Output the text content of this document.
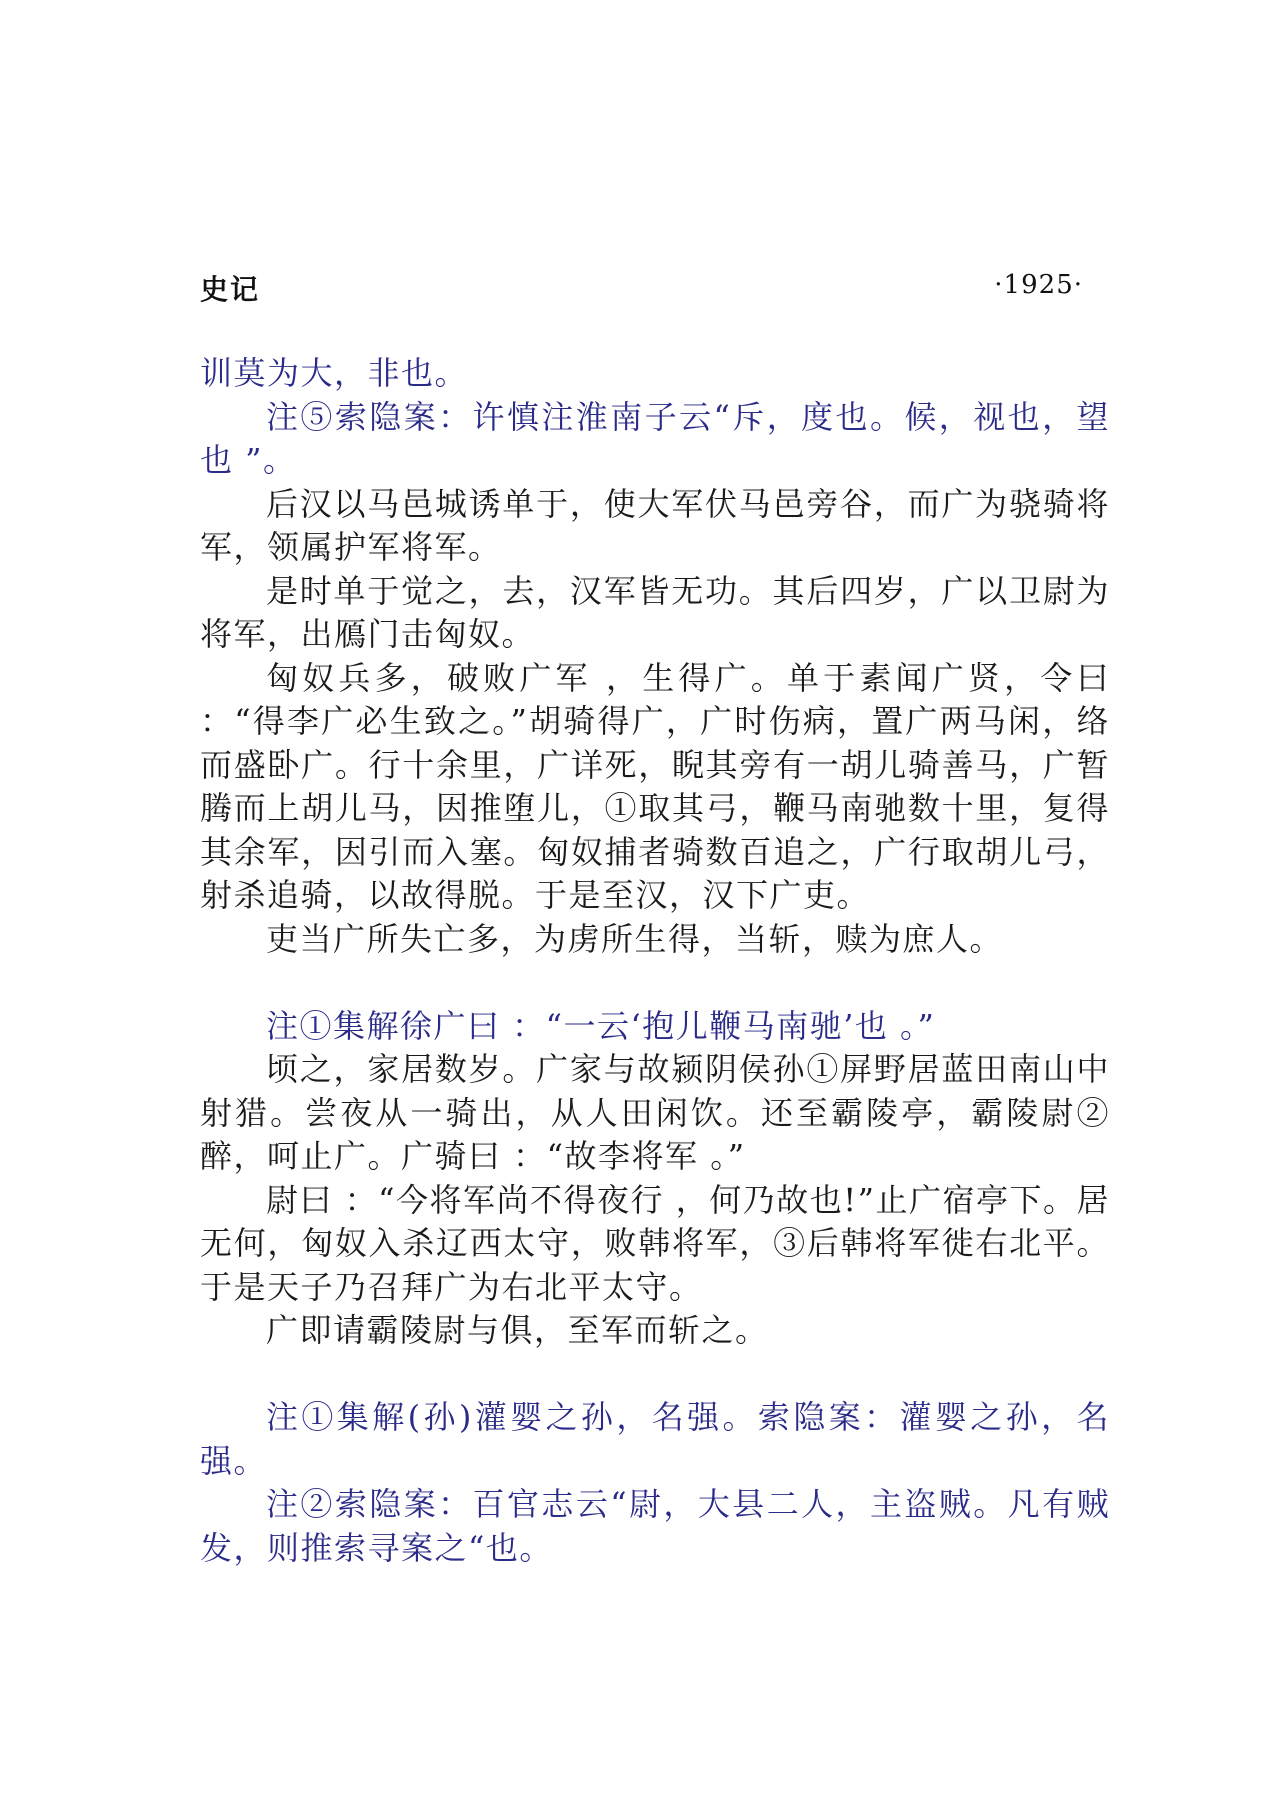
史记	·1925·

训莫为大，非也。

注⑤索隐案：许慎注淮南子云“斥，度也。候，视也，望也 ”。

后汉以马邑城诱单于，使大军伏马邑旁谷，而广为骁骑将军，领属护军将军。

是时单于觉之，去，汉军皆无功。其后四岁，广以卫尉为将军，出鴈门击匈奴。

匈奴兵多，破败广军 ，生得广。单于素闻广贤，令曰 ：“得李广必生致之。”胡骑得广，广时伤病，置广两马闲，络而盛卧广。行十余里，广详死，睨其旁有一胡儿骑善马，广暂腾而上胡儿马，因推堕儿，①取其弓，鞭马南驰数十里，复得其余军，因引而入塞。匈奴捕者骑数百追之，广行取胡儿弓，射杀追骑，以故得脱。于是至汉，汉下广吏。

吏当广所失亡多，为虏所生得，当斩，赎为庶人。

注①集解徐广曰 ：“一云‘抱儿鞭马南驰’也 。”

顷之，家居数岁。广家与故颍阴侯孙①屏野居蓝田南山中射猎。尝夜从一骑出，从人田闲饮。还至霸陵亭，霸陵尉②醉，呵止广。广骑曰 ：“故李将军 。”

尉曰 ：“今将军尚不得夜行 ，何乃故也!”止广宿亭下。居无何，匈奴入杀辽西太守，败韩将军，③后韩将军徙右北平。于是天子乃召拜广为右北平太守。

广即请霸陵尉与俱，至军而斩之。

注①集解(孙)灌婴之孙，名强。索隐案：灌婴之孙，名强。

注②索隐案：百官志云“尉，大县二人，主盗贼。凡有贼发，则推索寻案之“也。
